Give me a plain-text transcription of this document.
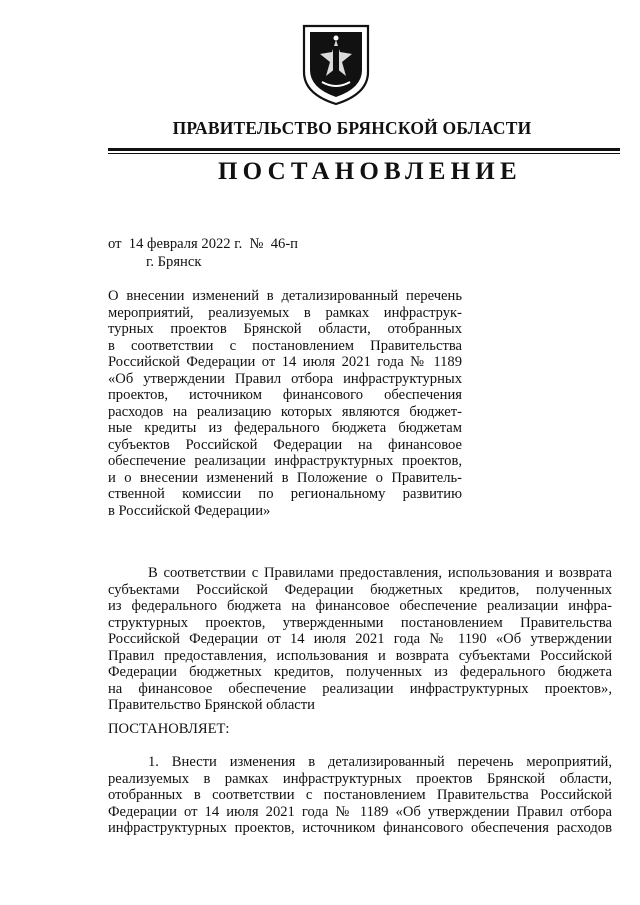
ПРАВИТЕЛЬСТВО БРЯНСКОЙ ОБЛАСТИ
ПОСТАНОВЛЕНИЕ
от  14 февраля 2022 г.  №  46-п
г. Брянск
О внесении изменений в детализированный перечень
мероприятий, реализуемых в рамках инфраструк-
турных проектов Брянской области, отобранных
в соответствии с постановлением Правительства
Российской Федерации от 14 июля 2021 года № 1189
«Об утверждении Правил отбора инфраструктурных
проектов, источником финансового обеспечения
расходов на реализацию которых являются бюджет-
ные кредиты из федерального бюджета бюджетам
субъектов Российской Федерации на финансовое
обеспечение реализации инфраструктурных проектов,
и о внесении изменений в Положение о Правитель-
ственной комиссии по региональному развитию
в Российской Федерации»
В соответствии с Правилами предоставления, использования и возврата
субъектами Российской Федерации бюджетных кредитов, полученных
из федерального бюджета на финансовое обеспечение реализации инфра-
структурных проектов, утвержденными постановлением Правительства
Российской Федерации от 14 июля 2021 года № 1190 «Об утверждении
Правил предоставления, использования и возврата субъектами Российской
Федерации бюджетных кредитов, полученных из федерального бюджета
на финансовое обеспечение реализации инфраструктурных проектов»,
Правительство Брянской области
ПОСТАНОВЛЯЕТ:
1. Внести изменения в детализированный перечень мероприятий,
реализуемых в рамках инфраструктурных проектов Брянской области,
отобранных в соответствии с постановлением Правительства Российской
Федерации от 14 июля 2021 года № 1189 «Об утверждении Правил отбора
инфраструктурных проектов, источником финансового обеспечения расходов
